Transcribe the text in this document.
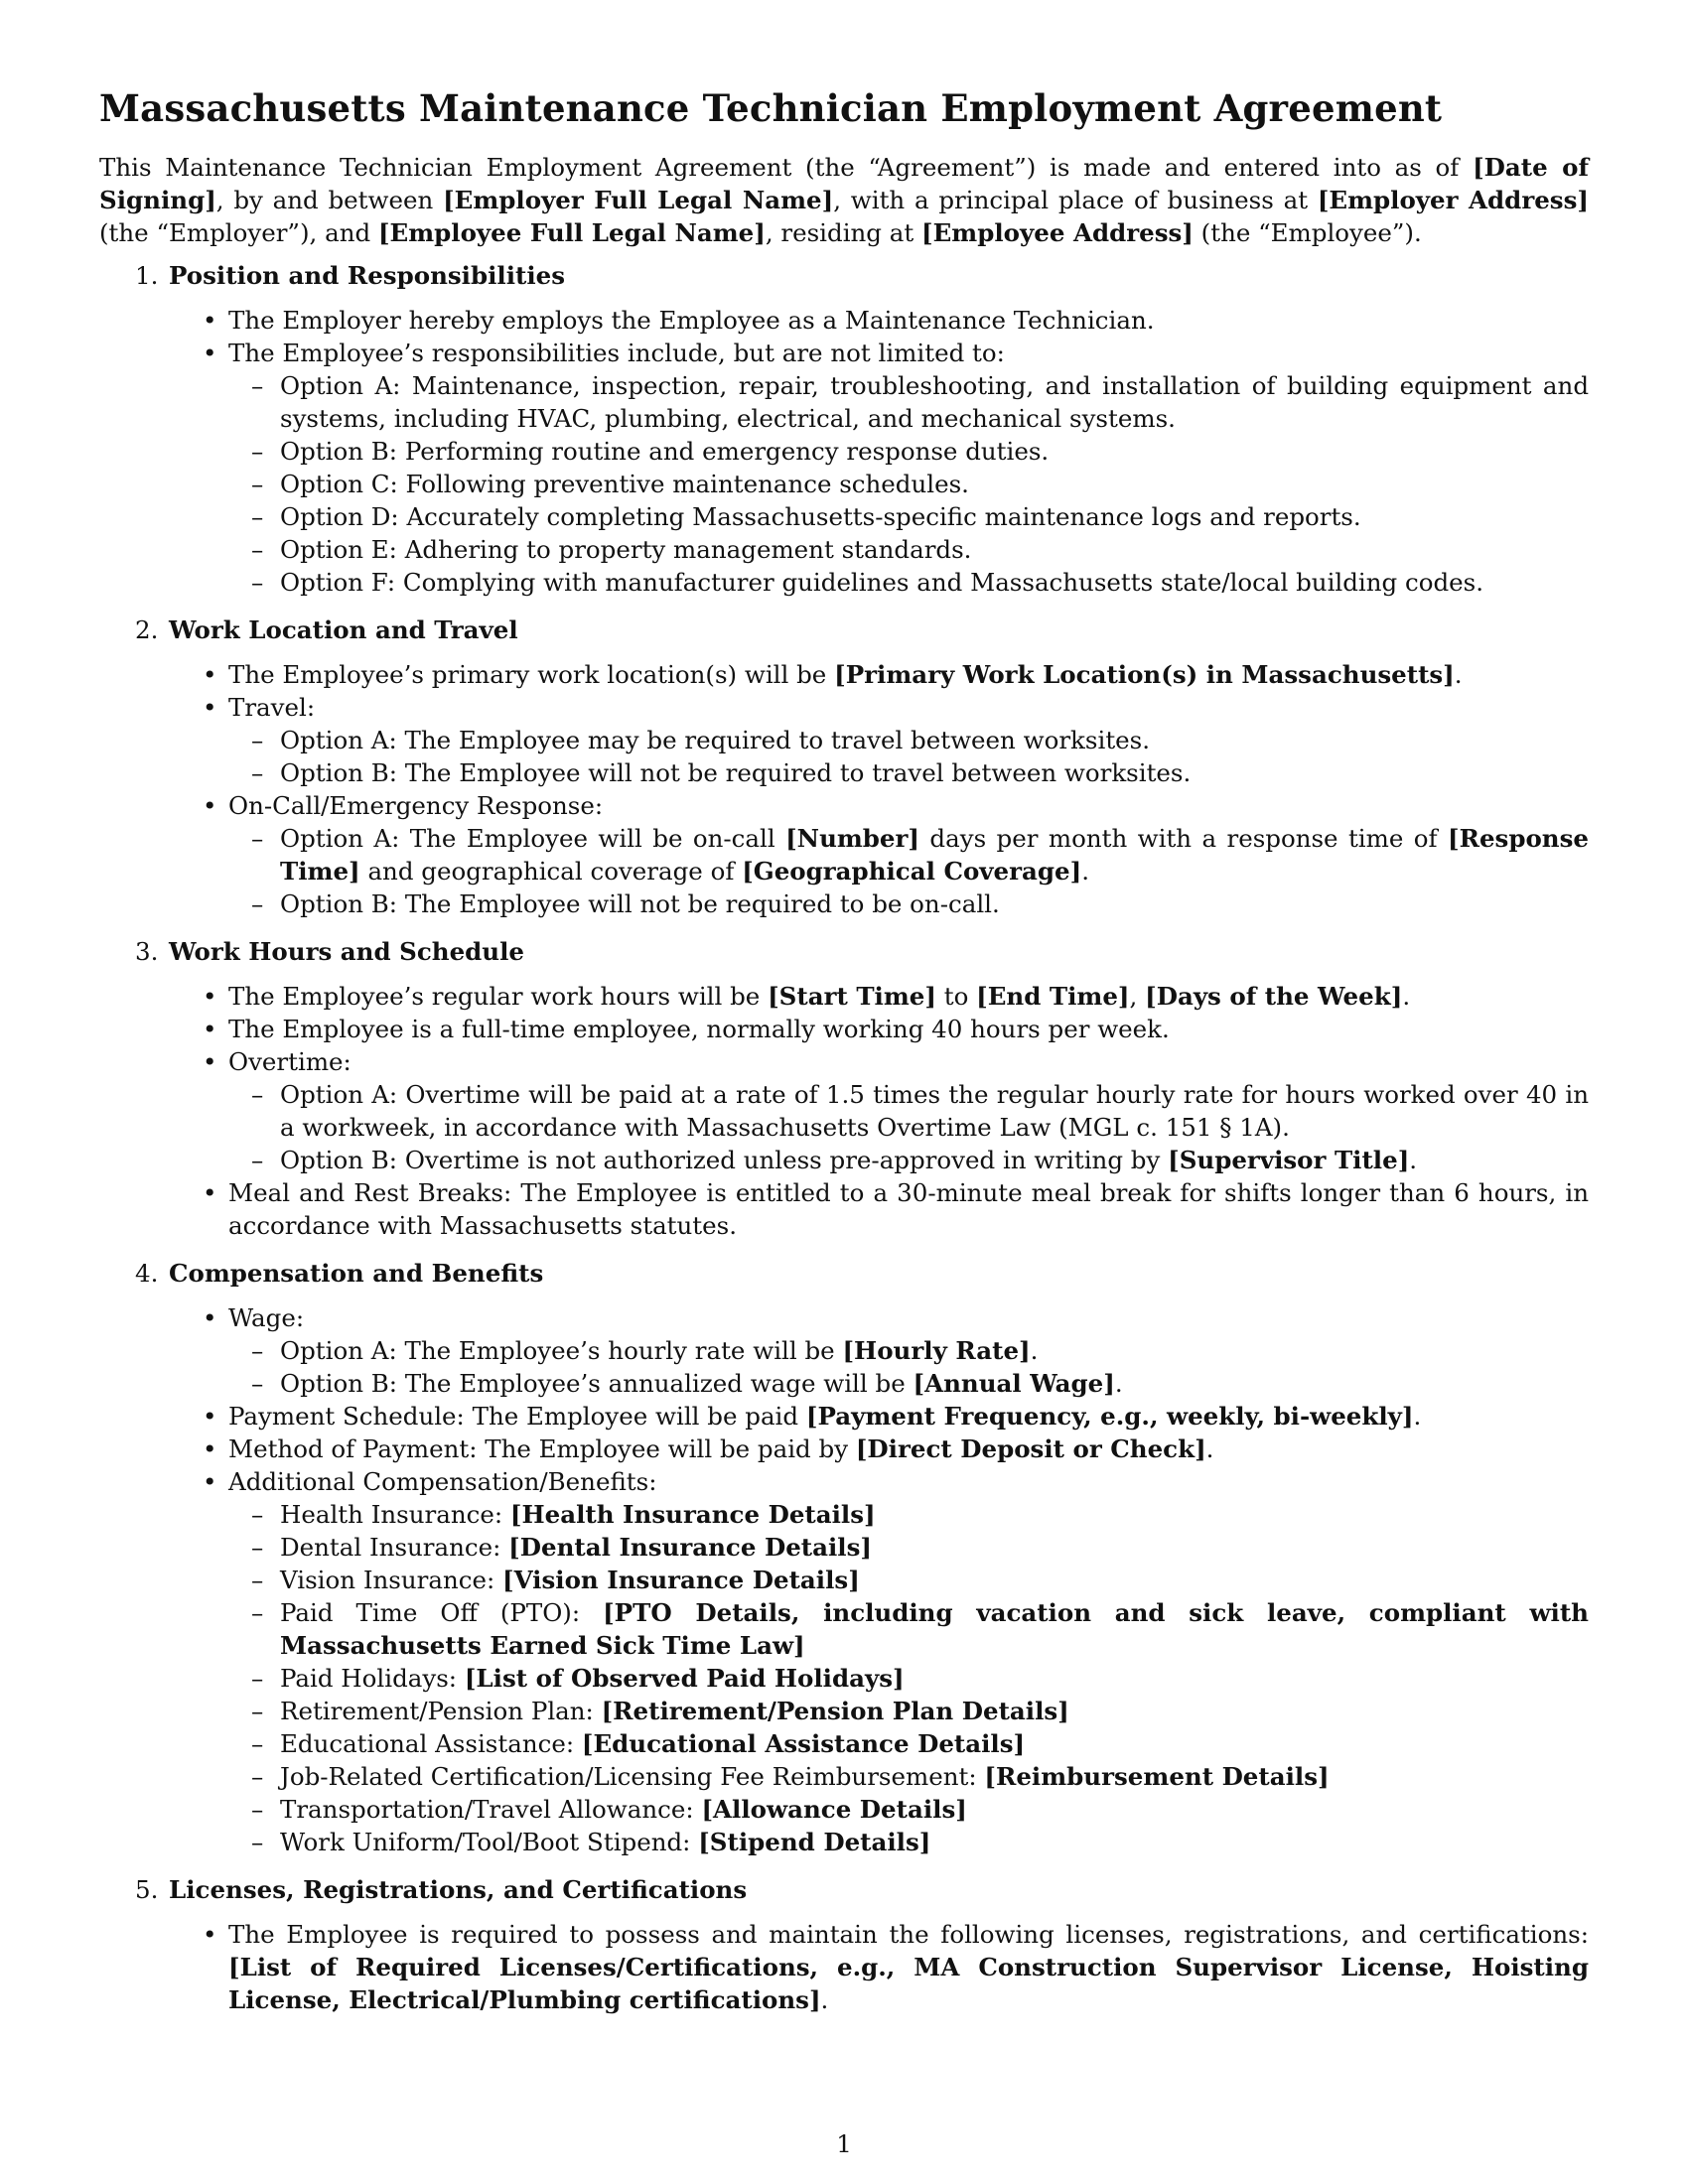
Massachusetts Maintenance Technician Employment Agreement

This Maintenance Technician Employment Agreement (the “Agreement”) is made and entered into as of [Date of Signing], by and between [Employer Full Legal Name], with a principal place of business at [Employer Address] (the “Employer”), and [Employee Full Legal Name], residing at [Employee Address] (the “Employee”).

1. Position and Responsibilities
• The Employer hereby employs the Employee as a Maintenance Technician.
• The Employee’s responsibilities include, but are not limited to:
– Option A: Maintenance, inspection, repair, troubleshooting, and installation of building equipment and systems, including HVAC, plumbing, electrical, and mechanical systems.
– Option B: Performing routine and emergency response duties.
– Option C: Following preventive maintenance schedules.
– Option D: Accurately completing Massachusetts-specific maintenance logs and reports.
– Option E: Adhering to property management standards.
– Option F: Complying with manufacturer guidelines and Massachusetts state/local building codes.
2. Work Location and Travel
• The Employee’s primary work location(s) will be [Primary Work Location(s) in Massachusetts].
• Travel:
– Option A: The Employee may be required to travel between worksites.
– Option B: The Employee will not be required to travel between worksites.
• On-Call/Emergency Response:
– Option A: The Employee will be on-call [Number] days per month with a response time of [Response Time] and geographical coverage of [Geographical Coverage].
– Option B: The Employee will not be required to be on-call.
3. Work Hours and Schedule
• The Employee’s regular work hours will be [Start Time] to [End Time], [Days of the Week].
• The Employee is a full-time employee, normally working 40 hours per week.
• Overtime:
– Option A: Overtime will be paid at a rate of 1.5 times the regular hourly rate for hours worked over 40 in a workweek, in accordance with Massachusetts Overtime Law (MGL c. 151 § 1A).
– Option B: Overtime is not authorized unless pre-approved in writing by [Supervisor Title].
• Meal and Rest Breaks: The Employee is entitled to a 30-minute meal break for shifts longer than 6 hours, in accordance with Massachusetts statutes.
4. Compensation and Benefits
• Wage:
– Option A: The Employee’s hourly rate will be [Hourly Rate].
– Option B: The Employee’s annualized wage will be [Annual Wage].
• Payment Schedule: The Employee will be paid [Payment Frequency, e.g., weekly, bi-weekly].
• Method of Payment: The Employee will be paid by [Direct Deposit or Check].
• Additional Compensation/Benefits:
– Health Insurance: [Health Insurance Details]
– Dental Insurance: [Dental Insurance Details]
– Vision Insurance: [Vision Insurance Details]
– Paid Time Off (PTO): [PTO Details, including vacation and sick leave, compliant with Massachusetts Earned Sick Time Law]
– Paid Holidays: [List of Observed Paid Holidays]
– Retirement/Pension Plan: [Retirement/Pension Plan Details]
– Educational Assistance: [Educational Assistance Details]
– Job-Related Certification/Licensing Fee Reimbursement: [Reimbursement Details]
– Transportation/Travel Allowance: [Allowance Details]
– Work Uniform/Tool/Boot Stipend: [Stipend Details]
5. Licenses, Registrations, and Certifications
• The Employee is required to possess and maintain the following licenses, registrations, and certifications: [List of Required Licenses/Certifications, e.g., MA Construction Supervisor License, Hoisting License, Electrical/Plumbing certifications].
1
